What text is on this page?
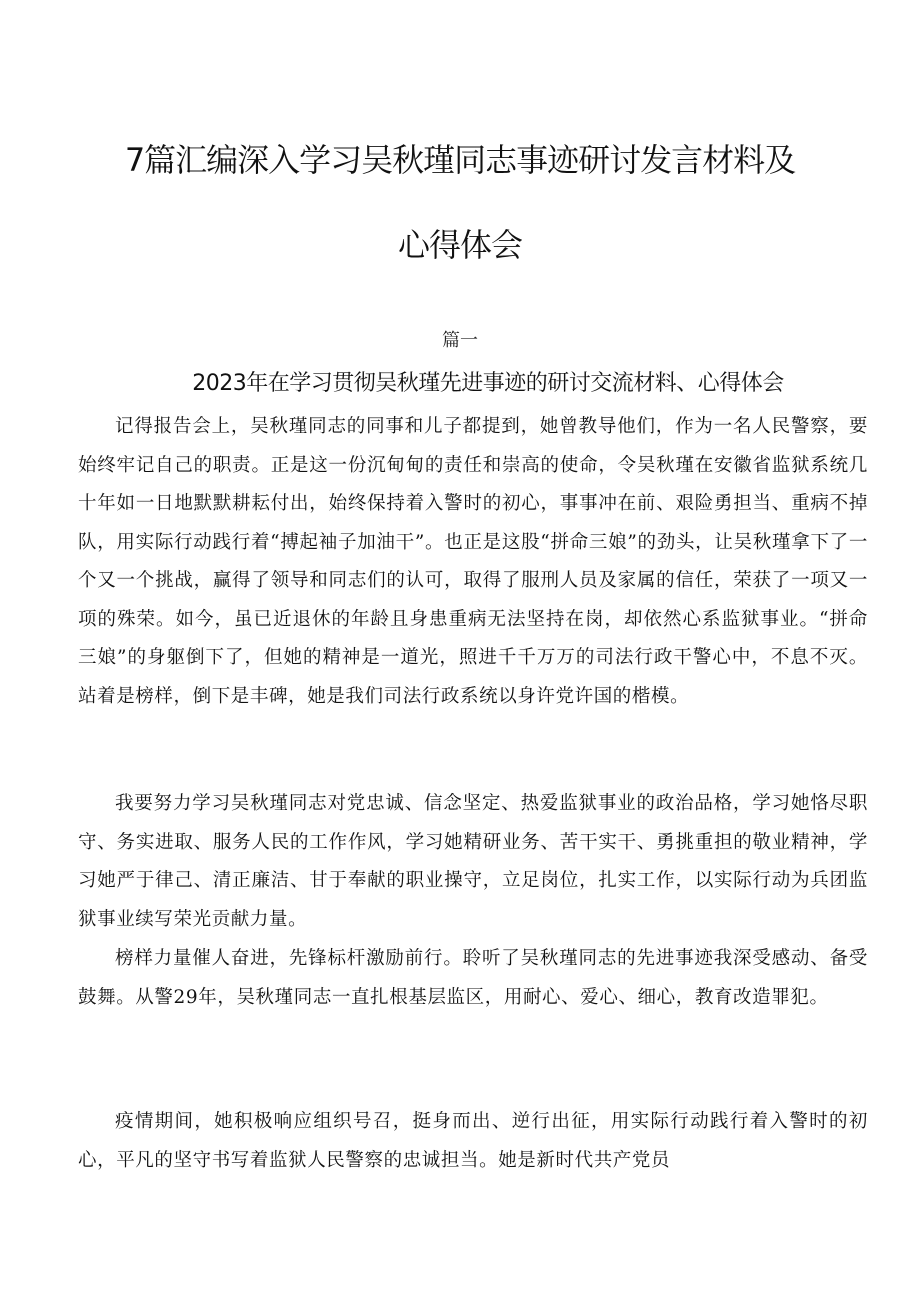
7篇汇编深入学习吴秋瑾同志事迹研讨发言材料及
心得体会
篇一
2023年在学习贯彻吴秋瑾先进事迹的研讨交流材料、心得体会

记得报告会上，吴秋瑾同志的同事和儿子都提到，她曾教导他们，作为一名人民警察，要始终牢记自己的职责。正是这一份沉甸甸的责任和崇高的使命，令吴秋瑾在安徽省监狱系统几十年如一日地默默耕耘付出，始终保持着入警时的初心，事事冲在前、艰险勇担当、重病不掉队，用实际行动践行着“搏起袖子加油干”。也正是这股“拼命三娘”的劲头，让吴秋瑾拿下了一个又一个挑战，赢得了领导和同志们的认可，取得了服刑人员及家属的信任，荣获了一项又一项的殊荣。如今，虽已近退休的年龄且身患重病无法坚持在岗，却依然心系监狱事业。“拼命三娘”的身躯倒下了，但她的精神是一道光，照进千千万万的司法行政干警心中，不息不灭。站着是榜样，倒下是丰碑，她是我们司法行政系统以身许党许国的楷模。

我要努力学习吴秋瑾同志对党忠诚、信念坚定、热爱监狱事业的政治品格，学习她恪尽职守、务实进取、服务人民的工作作风，学习她精研业务、苦干实干、勇挑重担的敬业精神，学习她严于律己、清正廉洁、甘于奉献的职业操守，立足岗位，扎实工作，以实际行动为兵团监狱事业续写荣光贡献力量。

榜样力量催人奋进，先锋标杆激励前行。聆听了吴秋瑾同志的先进事迹我深受感动、备受鼓舞。从警29年，吴秋瑾同志一直扎根基层监区，用耐心、爱心、细心，教育改造罪犯。

疫情期间，她积极响应组织号召，挺身而出、逆行出征，用实际行动践行着入警时的初心，平凡的坚守书写着监狱人民警察的忠诚担当。她是新时代共产党员
